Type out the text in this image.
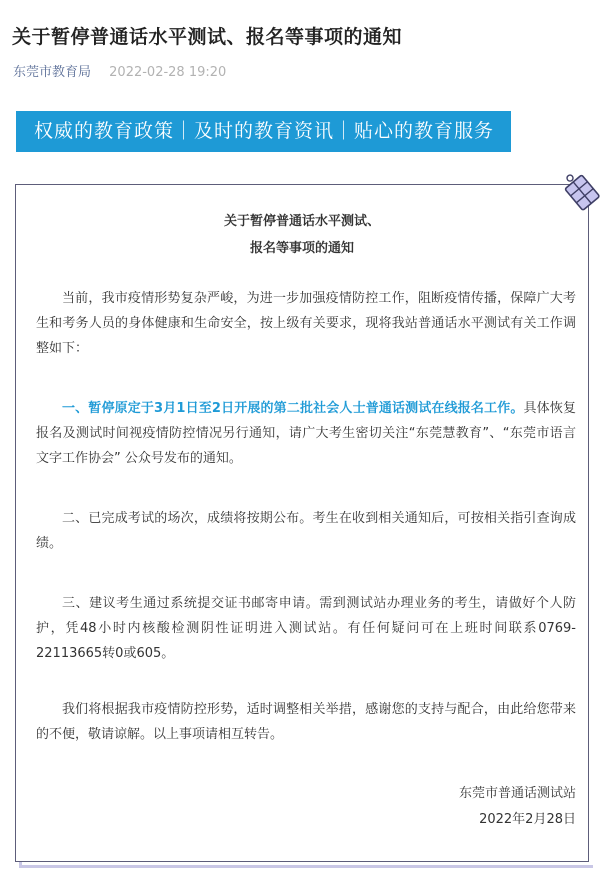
关于暂停普通话水平测试、报名等事项的通知
东莞市教育局 2022-02-28 19:20
权威的教育政策｜及时的教育资讯｜贴心的教育服务
关于暂停普通话水平测试、
报名等事项的通知
当前，我市疫情形势复杂严峻，为进一步加强疫情防控工作，阻断疫情传播，保障广大考生和考务人员的身体健康和生命安全，按上级有关要求，现将我站普通话水平测试有关工作调整如下：
一、暂停原定于3月1日至2日开展的第二批社会人士普通话测试在线报名工作。具体恢复报名及测试时间视疫情防控情况另行通知，请广大考生密切关注“东莞慧教育”、“东莞市语言文字工作协会” 公众号发布的通知。
二、已完成考试的场次，成绩将按期公布。考生在收到相关通知后，可按相关指引查询成绩。
三、建议考生通过系统提交证书邮寄申请。需到测试站办理业务的考生，请做好个人防护，凭48小时内核酸检测阴性证明进入测试站。有任何疑问可在上班时间联系0769-22113665转0或605。
我们将根据我市疫情防控形势，适时调整相关举措，感谢您的支持与配合，由此给您带来的不便，敬请谅解。以上事项请相互转告。
东莞市普通话测试站
2022年2月28日
